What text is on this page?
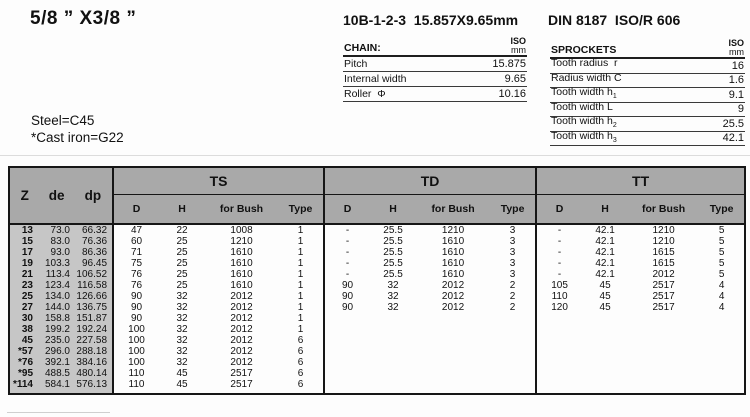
5/8 ” X3/8 ”	10B-1-2-3  15.857X9.65mm DIN 8187  ISO/R 606
Steel=C45
*Cast iron=G22
CHAIN:
ISO
mm
Pitch	15.875
Internal width	9.65
Roller  Φ	10.16
SPROCKETS
ISO
mm
Tooth radius  r	16
Radius width C	1.6
Tooth width $h_1$	9.1
Tooth width L	9
Tooth width $h_2$	25.5
Tooth width $h_3$	42.1
Z de dp			TS				TD				TT			
			D	H	for Bush	Type	D	H	for Bush	Type	D	H	for Bush	Type
13	73.0	66.32	47	22	1008	1	-	25.5	1210	3	-	42.1	1210	5
15	83.0	76.36	60	25	1210	1	-	25.5	1610	3	-	42.1	1210	5
17	93.0	86.36	71	25	1610	1	-	25.5	1610	3	-	42.1	1615	5
19	103.3	96.45	75	25	1610	1	-	25.5	1610	3	-	42.1	1615	5
21	113.4	106.52	76	25	1610	1	-	25.5	1610	3	-	42.1	2012	5
23	123.4	116.58	76	25	1610	1	90	32	2012	2	105	45	2517	4
25	134.0	126.66	90	32	2012	1	90	32	2012	2	110	45	2517	4
27	144.0	136.75	90	32	2012	1	90	32	2012	2	120	45	2517	4
30	158.8	151.87	90	32	2012	1								
38	199.2	192.24	100	32	2012	1								
45	235.0	227.58	100	32	2012	6								
*57	296.0	288.18	100	32	2012	6								
*76	392.1	384.16	100	32	2012	6								
*95	488.5	480.14	110	45	2517	6								
*114	584.1	576.13	110	45	2517	6								
